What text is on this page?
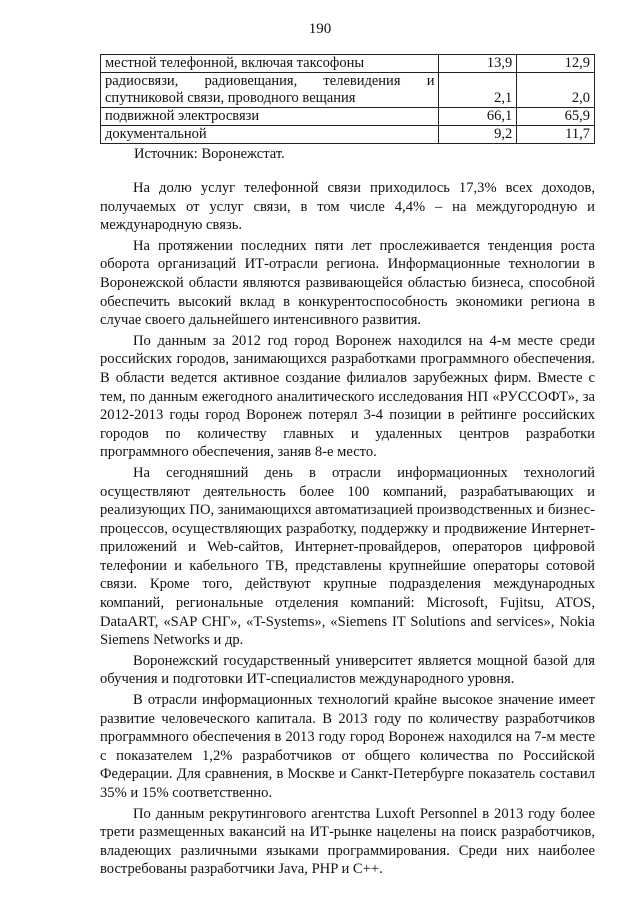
190
местной телефонной, включая таксофоны	13,9	12,9
радиосвязи, радиовещания, телевидения и спутниковой связи, проводного вещания	2,1	2,0
подвижной электросвязи	66,1	65,9
документальной	9,2	11,7
Источник: Воронежстат.

На долю услуг телефонной связи приходилось 17,3% всех доходов, получаемых от услуг связи, в том числе 4,4% – на междугородную и международную связь.

На протяжении последних пяти лет прослеживается тенденция роста оборота организаций ИТ-отрасли региона. Информационные технологии в Воронежской области являются развивающейся областью бизнеса, способной обеспечить высокий вклад в конкурентоспособность экономики региона в случае своего дальнейшего интенсивного развития.

По данным за 2012 год город Воронеж находился на 4-м месте среди российских городов, занимающихся разработками программного обеспечения. В области ведется активное создание филиалов зарубежных фирм. Вместе с тем, по данным ежегодного аналитического исследования НП «РУССОФТ», за 2012-2013 годы город Воронеж потерял 3-4 позиции в рейтинге российских городов по количеству главных и удаленных центров разработки программного обеспечения, заняв 8-е место.

На сегодняшний день в отрасли информационных технологий осуществляют деятельность более 100 компаний, разрабатывающих и реализующих ПО, занимающихся автоматизацией производственных и бизнес-процессов, осуществляющих разработку, поддержку и продвижение Интернет-приложений и Web-сайтов, Интернет-провайдеров, операторов цифровой телефонии и кабельного ТВ, представлены крупнейшие операторы сотовой связи. Кроме того, действуют крупные подразделения международных компаний, региональные отделения компаний: Microsoft, Fujitsu, ATOS, DataART, «SAP СНГ», «T-Systems», «Siemens IT Solutions and services», Nokia Siemens Networks и др.

Воронежский государственный университет является мощной базой для обучения и подготовки ИТ-специалистов международного уровня.

В отрасли информационных технологий крайне высокое значение имеет развитие человеческого капитала. В 2013 году по количеству разработчиков программного обеспечения в 2013 году город Воронеж находился на 7-м месте с показателем 1,2% разработчиков от общего количества по Российской Федерации. Для сравнения, в Москве и Санкт-Петербурге показатель составил 35% и 15% соответственно.

По данным рекрутингового агентства Luxoft Personnel в 2013 году более трети размещенных вакансий на ИТ-рынке нацелены на поиск разработчиков, владеющих различными языками программирования. Среди них наиболее востребованы разработчики Java, PHP и С++.
